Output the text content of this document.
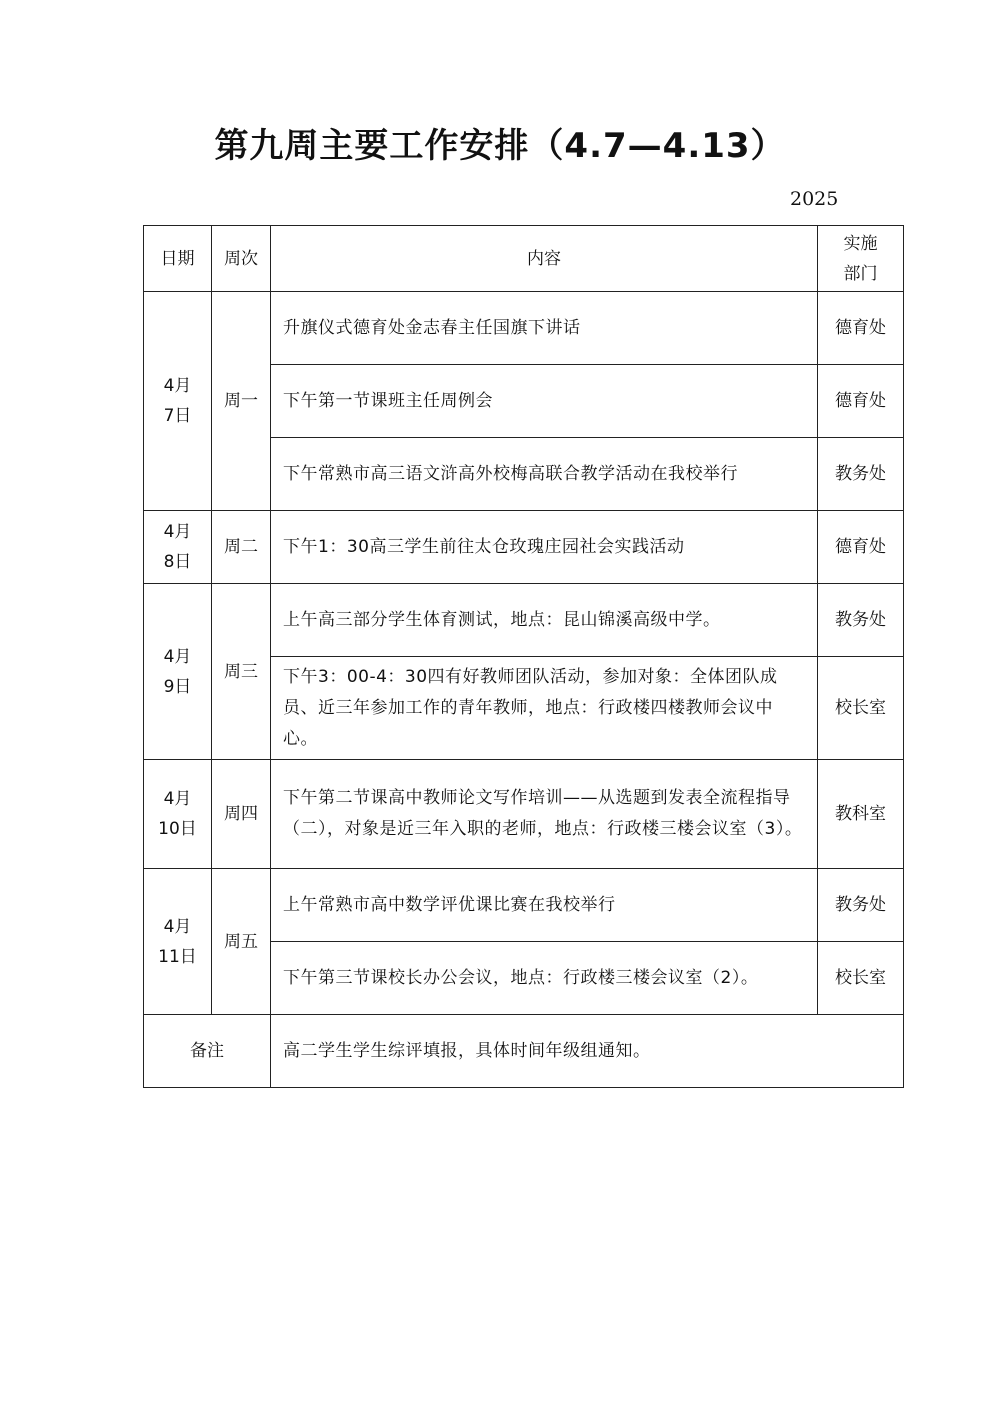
第九周主要工作安排（4.7—4.13）
2025
日期	周次	内容	实施
部门

4月
7日	周一	升旗仪式德育处金志春主任国旗下讲话	德育处
		下午第一节课班主任周例会	德育处
		下午常熟市高三语文浒高外校梅高联合教学活动在我校举行	教务处

4月
8日	周二	下午1：30高三学生前往太仓玫瑰庄园社会实践活动	德育处

4月
9日	周三	上午高三部分学生体育测试，地点：昆山锦溪高级中学。	教务处
		下午3：00-4：30四有好教师团队活动，参加对象：全体团队成员、近三年参加工作的青年教师，地点：行政楼四楼教师会议中心。	校长室

4月
10日	周四	下午第二节课高中教师论文写作培训——从选题到发表全流程指导（二），对象是近三年入职的老师，地点：行政楼三楼会议室（3）。	教科室

4月
11日	周五	上午常熟市高中数学评优课比赛在我校举行	教务处
		下午第三节课校长办公会议，地点：行政楼三楼会议室（2）。	校长室
备注		高二学生学生综评填报，具体时间年级组通知。	
